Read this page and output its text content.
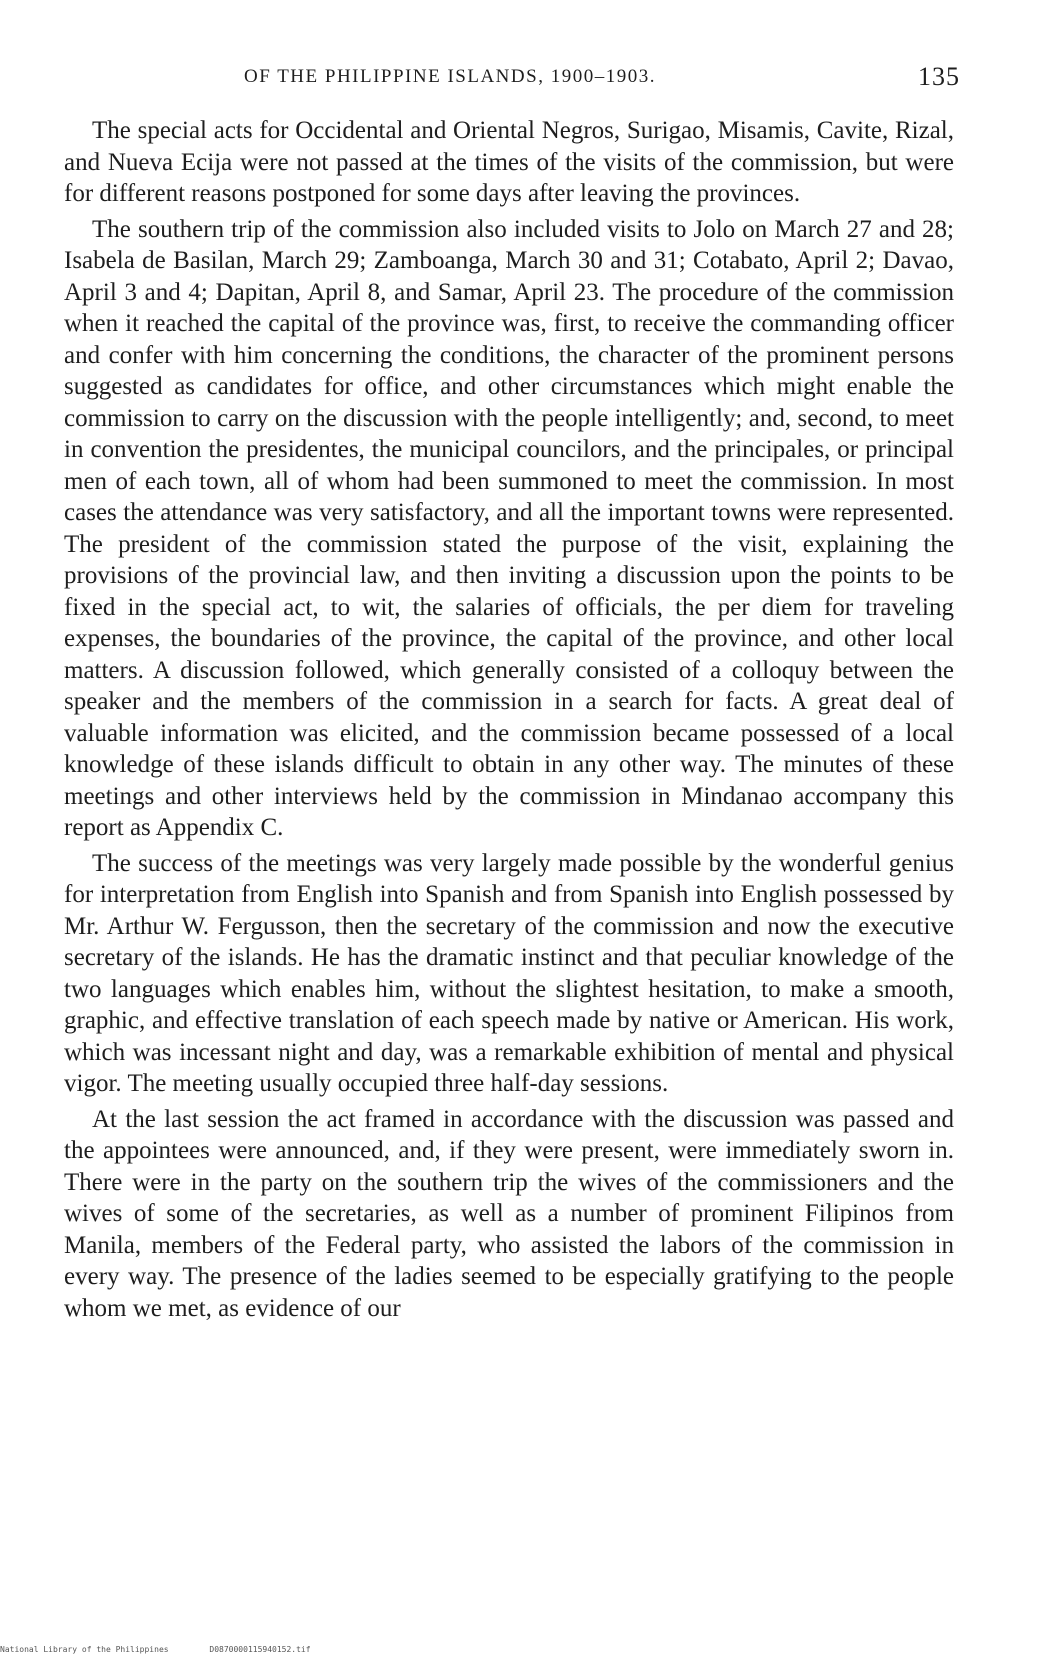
OF THE PHILIPPINE ISLANDS, 1900–1903.	135

The special acts for Occidental and Oriental Negros, Surigao, Misamis, Cavite, Rizal, and Nueva Ecija were not passed at the times of the visits of the commission, but were for different reasons postponed for some days after leaving the provinces.

The southern trip of the commission also included visits to Jolo on March 27 and 28; Isabela de Basilan, March 29; Zamboanga, March 30 and 31; Cotabato, April 2; Davao, April 3 and 4; Dapitan, April 8, and Samar, April 23. The procedure of the commission when it reached the capital of the province was, first, to receive the commanding officer and confer with him concerning the conditions, the character of the prominent persons suggested as candidates for office, and other circumstances which might enable the commission to carry on the discussion with the people intelligently; and, second, to meet in convention the presidentes, the municipal councilors, and the principales, or principal men of each town, all of whom had been summoned to meet the commission. In most cases the attendance was very satisfactory, and all the important towns were represented. The president of the commission stated the purpose of the visit, explaining the provisions of the provincial law, and then inviting a discussion upon the points to be fixed in the special act, to wit, the salaries of officials, the per diem for traveling expenses, the boundaries of the province, the capital of the province, and other local matters. A discussion followed, which generally consisted of a colloquy between the speaker and the members of the commission in a search for facts. A great deal of valuable information was elicited, and the commission became possessed of a local knowledge of these islands difficult to obtain in any other way. The minutes of these meetings and other interviews held by the commission in Mindanao accompany this report as Appendix C.

The success of the meetings was very largely made possible by the wonderful genius for interpretation from English into Spanish and from Spanish into English possessed by Mr. Arthur W. Fergusson, then the secretary of the commission and now the executive secretary of the islands. He has the dramatic instinct and that peculiar knowledge of the two languages which enables him, without the slightest hesitation, to make a smooth, graphic, and effective translation of each speech made by native or American. His work, which was incessant night and day, was a remarkable exhibition of mental and physical vigor. The meeting usually occupied three half-day sessions.

At the last session the act framed in accordance with the discussion was passed and the appointees were announced, and, if they were present, were immediately sworn in. There were in the party on the southern trip the wives of the commissioners and the wives of some of the secretaries, as well as a number of prominent Filipinos from Manila, members of the Federal party, who assisted the labors of the commission in every way. The presence of the ladies seemed to be especially gratifying to the people whom we met, as evidence of our

National Library of the Philippines	D0870000115940152.tif
